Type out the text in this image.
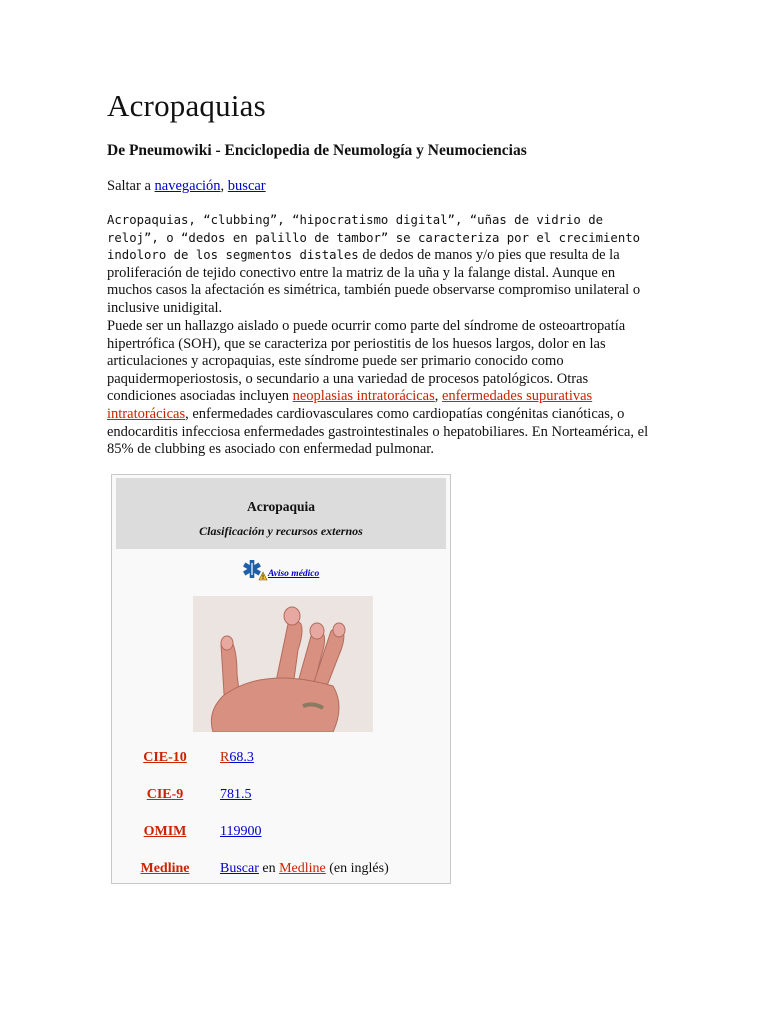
Acropaquias
De Pneumowiki - Enciclopedia de Neumología y Neumociencias
Saltar a navegación, buscar
Acropaquias, “clubbing”, “hipocratismo digital”, “uñas de vidrio de reloj”, o “dedos en palillo de tambor” se caracteriza por el crecimiento indoloro de los segmentos distales de dedos de manos y/o pies que resulta de la proliferación de tejido conectivo entre la matriz de la uña y la falange distal. Aunque en muchos casos la afectación es simétrica, también puede observarse compromiso unilateral o inclusive unidigital.
Puede ser un hallazgo aislado o puede ocurrir como parte del síndrome de osteoartropatía hipertrófica (SOH), que se caracteriza por periostitis de los huesos largos, dolor en las articulaciones y acropaquias, este síndrome puede ser primario conocido como paquidermoperiostosis, o secundario a una variedad de procesos patológicos. Otras condiciones asociadas incluyen neoplasias intratorácicas, enfermedades supurativas intratorácicas, enfermedades cardiovasculares como cardiopatías congénitas cianóticas, o endocarditis infecciosa enfermedades gastrointestinales o hepatobiliares. En Norteamérica, el 85% de clubbing es asociado con enfermedad pulmonar.
Acropaquia
Clasificación y recursos externos
Aviso médico
CIE-10	R68.3
CIE-9	781.5
OMIM	119900
Medline	Buscar en Medline (en inglés)
